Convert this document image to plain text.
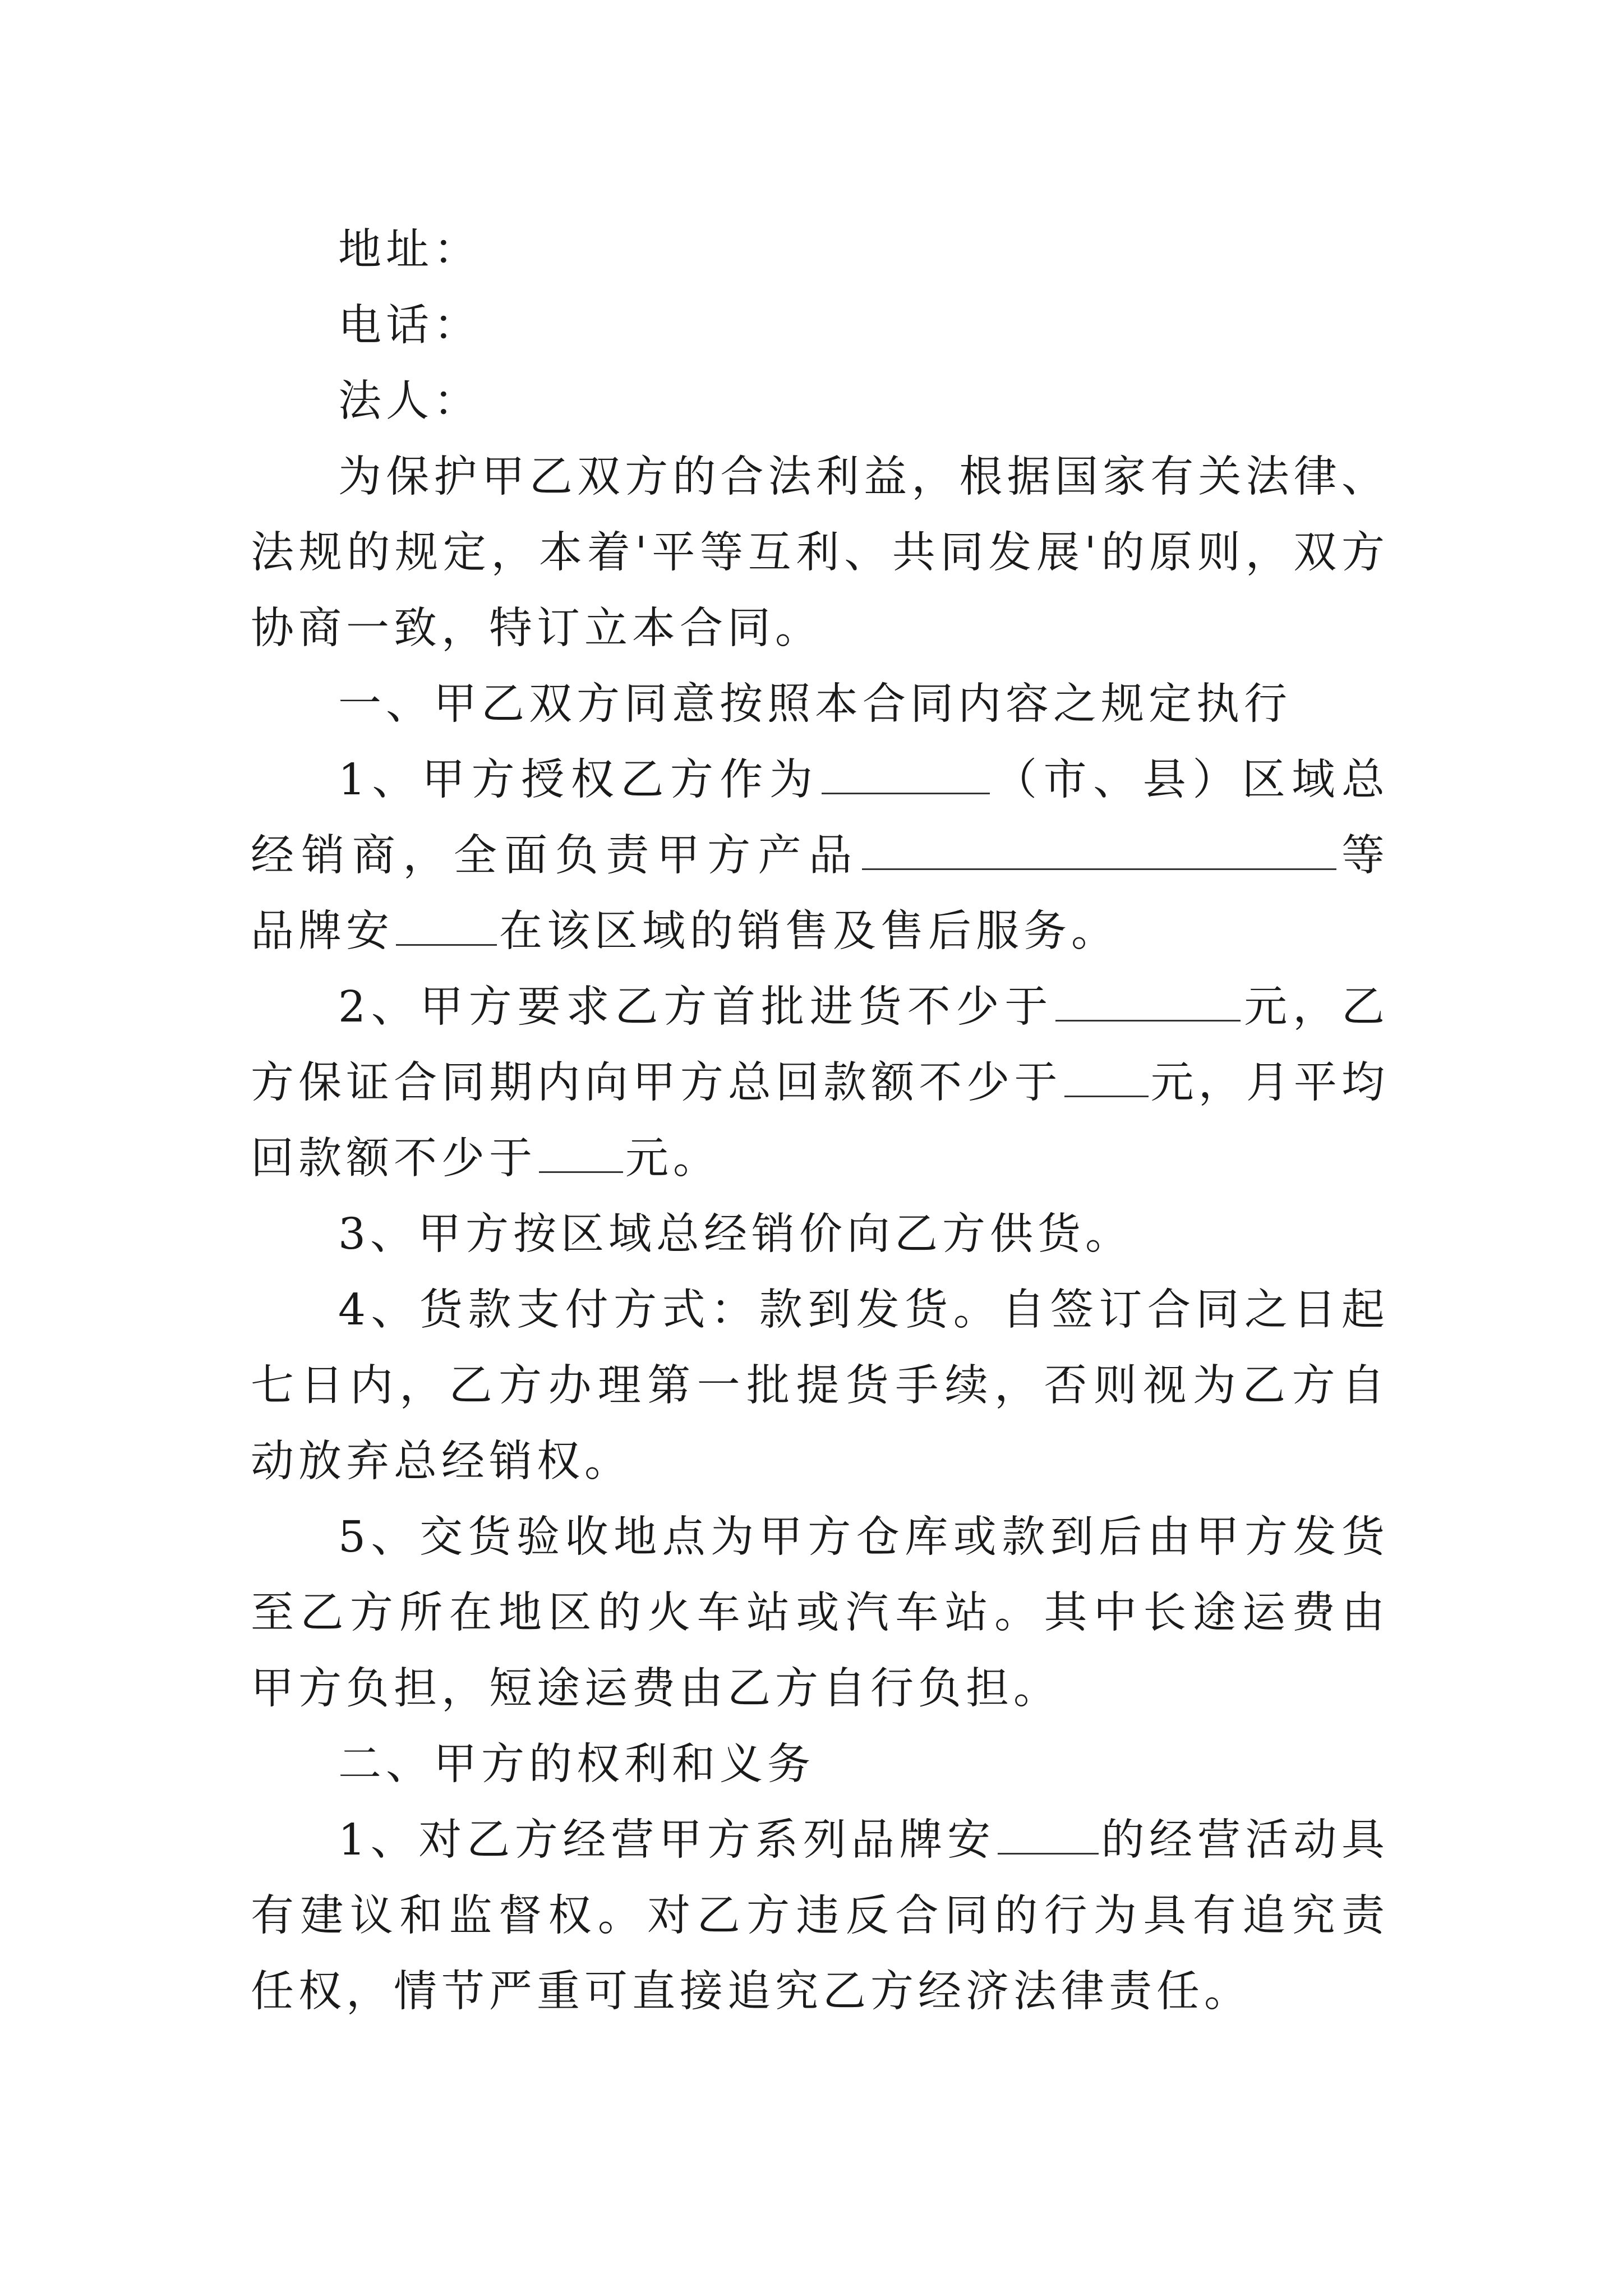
地址：

电话：

法人：

为保护甲乙双方的合法利益，根据国家有关法律、法规的规定，本着'平等互利、共同发展'的原则，双方协商一致，特订立本合同。

一、甲乙双方同意按照本合同内容之规定执行

1、甲方授权乙方作为	（市、县）区域总经销商，全面负责甲方产品	等品牌安 在该区域的销售及售后服务。

2、甲方要求乙方首批进货不少于	元，乙方保证合同期内向甲方总回款额不少于 元，月平均回款额不少于 元。

3、甲方按区域总经销价向乙方供货。

4、货款支付方式：款到发货。自签订合同之日起七日内，乙方办理第一批提货手续，否则视为乙方自动放弃总经销权。

5、交货验收地点为甲方仓库或款到后由甲方发货至乙方所在地区的火车站或汽车站。其中长途运费由甲方负担，短途运费由乙方自行负担。

二、甲方的权利和义务

1、对乙方经营甲方系列品牌安 的经营活动具有建议和监督权。对乙方违反合同的行为具有追究责任权，情节严重可直接追究乙方经济法律责任。
